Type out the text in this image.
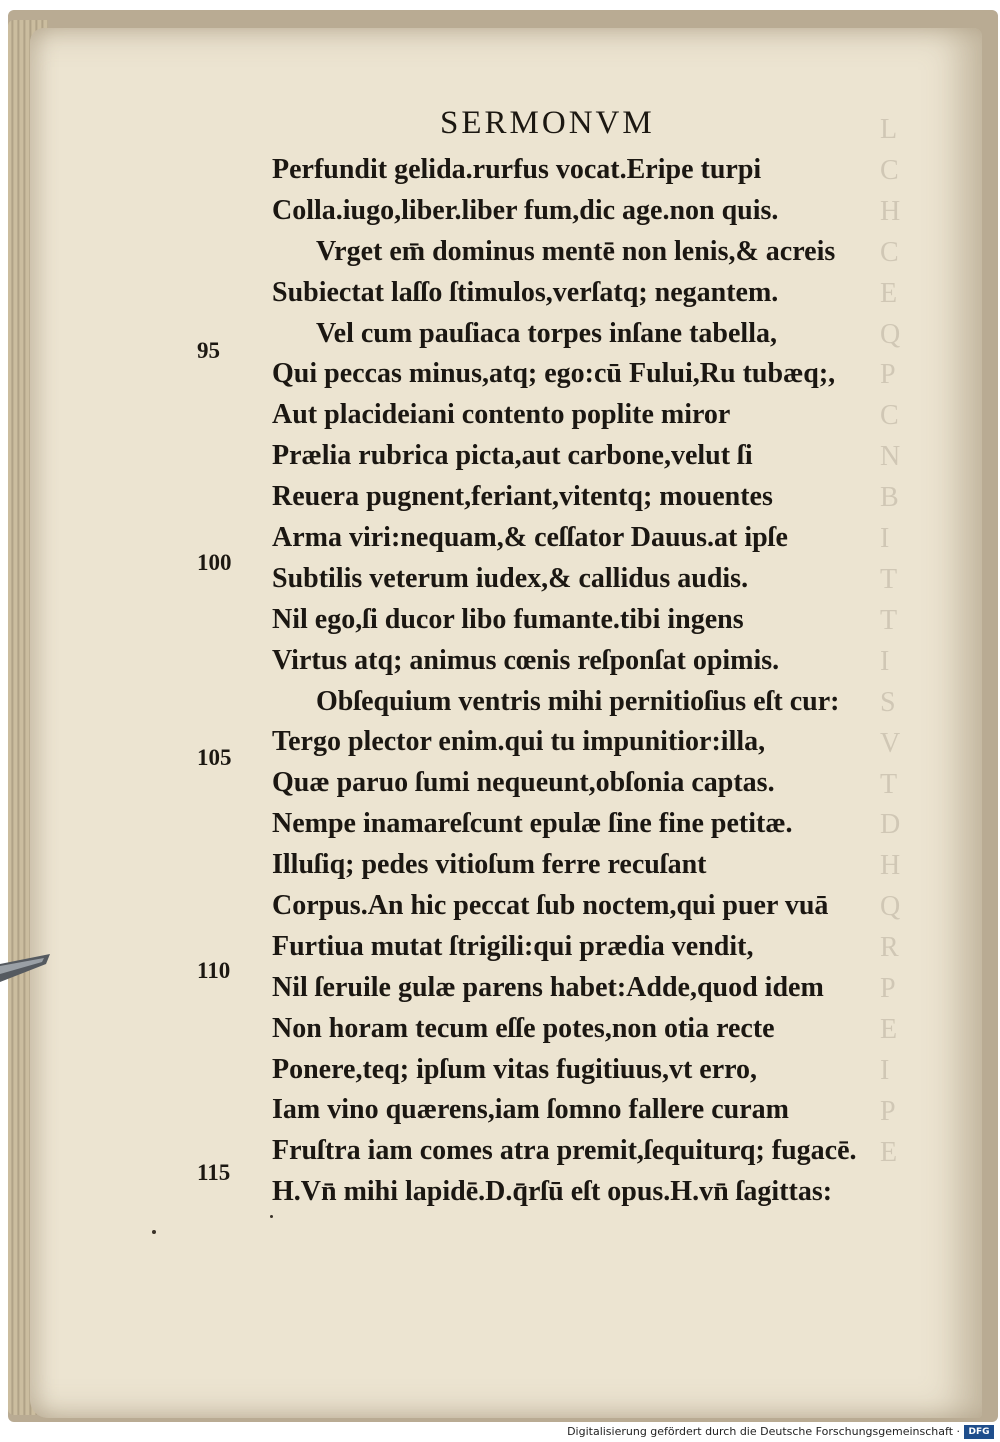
L
C
H
C
E
Q
P
C
N
B
I
T
T
I
S
V
T
D
H
Q
R
P
E
I
P
E
SERMONVM
Perfundit gelida.rurfus vocat.Eripe turpi
Colla.iugo,liber.liber fum,dic age.non quis.
Vrget em̄ dominus mentē non lenis,& acreis
Subiectat laſſo ſtimulos,verſatq; negantem.
Vel cum pauſiaca torpes inſane tabella,
Qui peccas minus,atq; ego:cū Fului,Ru tubæq;,
Aut placideiani contento poplite miror
Prælia rubrica picta,aut carbone,velut ſi
Reuera pugnent,feriant,vitentq; mouentes
Arma viri:nequam,& ceſſator Dauus.at ipſe
Subtilis veterum iudex,& callidus audis.
Nil ego,ſi ducor libo fumante.tibi ingens
Virtus atq; animus cœnis reſponſat opimis.
Obſequium ventris mihi pernitioſius eſt cur:
Tergo plector enim.qui tu impunitior:illa,
Quæ paruo ſumi nequeunt,obſonia captas.
Nempe inamareſcunt epulæ ſine fine petitæ.
Illuſiq; pedes vitioſum ferre recuſant
Corpus.An hic peccat ſub noctem,qui puer vuā
Furtiua mutat ſtrigili:qui prædia vendit,
Nil ſeruile gulæ parens habet:Adde,quod idem
Non horam tecum eſſe potes,non otia recte
Ponere,teq; ipſum vitas fugitiuus,vt erro,
Iam vino quærens,iam ſomno fallere curam
Fruſtra iam comes atra premit,ſequiturq; fugacē.
H.Vn̄ mihi lapidē.D.q̄rſū eſt opus.H.vn̄ ſagittas:
95
100
105
110
115
Digitalisierung gefördert durch die Deutsche Forschungsgemeinschaft · DFG
